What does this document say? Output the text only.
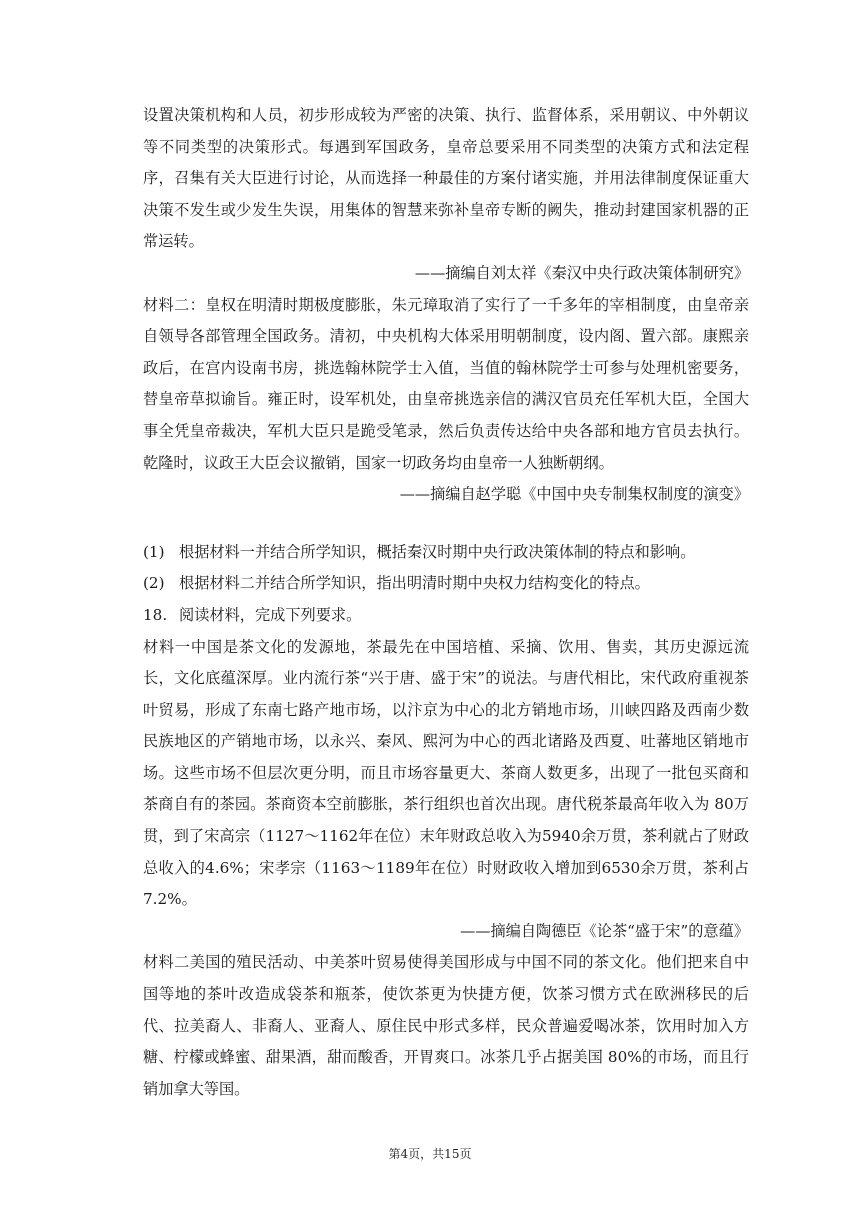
设置决策机构和人员，初步形成较为严密的决策、执行、监督体系，采用朝议、中外朝议等不同类型的决策形式。每遇到军国政务，皇帝总要采用不同类型的决策方式和法定程序，召集有关大臣进行讨论，从而选择一种最佳的方案付诸实施，并用法律制度保证重大决策不发生或少发生失误，用集体的智慧来弥补皇帝专断的阙失，推动封建国家机器的正常运转。

——摘编自刘太祥《秦汉中央行政决策体制研究》

材料二：皇权在明清时期极度膨胀，朱元璋取消了实行了一千多年的宰相制度，由皇帝亲自领导各部管理全国政务。清初，中央机构大体采用明朝制度，设内阁、置六部。康熙亲政后，在宫内设南书房，挑选翰林院学士入值，当值的翰林院学士可参与处理机密要务，替皇帝草拟谕旨。雍正时，设军机处，由皇帝挑选亲信的满汉官员充任军机大臣，全国大事全凭皇帝裁决，军机大臣只是跪受笔录，然后负责传达给中央各部和地方官员去执行。乾隆时，议政王大臣会议撤销，国家一切政务均由皇帝一人独断朝纲。

——摘编自赵学聪《中国中央专制集权制度的演变》

(1) 根据材料一并结合所学知识，概括秦汉时期中央行政决策体制的特点和影响。

(2) 根据材料二并结合所学知识，指出明清时期中央权力结构变化的特点。

18. 阅读材料，完成下列要求。

材料一中国是茶文化的发源地，茶最先在中国培植、采摘、饮用、售卖，其历史源远流长，文化底蕴深厚。业内流行茶“兴于唐、盛于宋”的说法。与唐代相比，宋代政府重视茶叶贸易，形成了东南七路产地市场，以汴京为中心的北方销地市场，川峡四路及西南少数民族地区的产销地市场，以永兴、秦风、熙河为中心的西北诸路及西夏、吐蕃地区销地市场。这些市场不但层次更分明，而且市场容量更大、茶商人数更多，出现了一批包买商和茶商自有的茶园。茶商资本空前膨胀，茶行组织也首次出现。唐代税茶最高年收入为 80万贯，到了宋高宗（1127～1162年在位）末年财政总收入为5940余万贯，茶利就占了财政总收入的4.6%；宋孝宗（1163～1189年在位）时财政收入增加到6530余万贯，茶利占7.2%。

——摘编自陶德臣《论茶“盛于宋”的意蕴》

材料二美国的殖民活动、中美茶叶贸易使得美国形成与中国不同的茶文化。他们把来自中国等地的茶叶改造成袋茶和瓶茶，使饮茶更为快捷方便，饮茶习惯方式在欧洲移民的后代、拉美裔人、非裔人、亚裔人、原住民中形式多样，民众普遍爱喝冰茶，饮用时加入方糖、柠檬或蜂蜜、甜果酒，甜而酸香，开胃爽口。冰茶几乎占据美国 80%的市场，而且行销加拿大等国。

第4页，共15页
